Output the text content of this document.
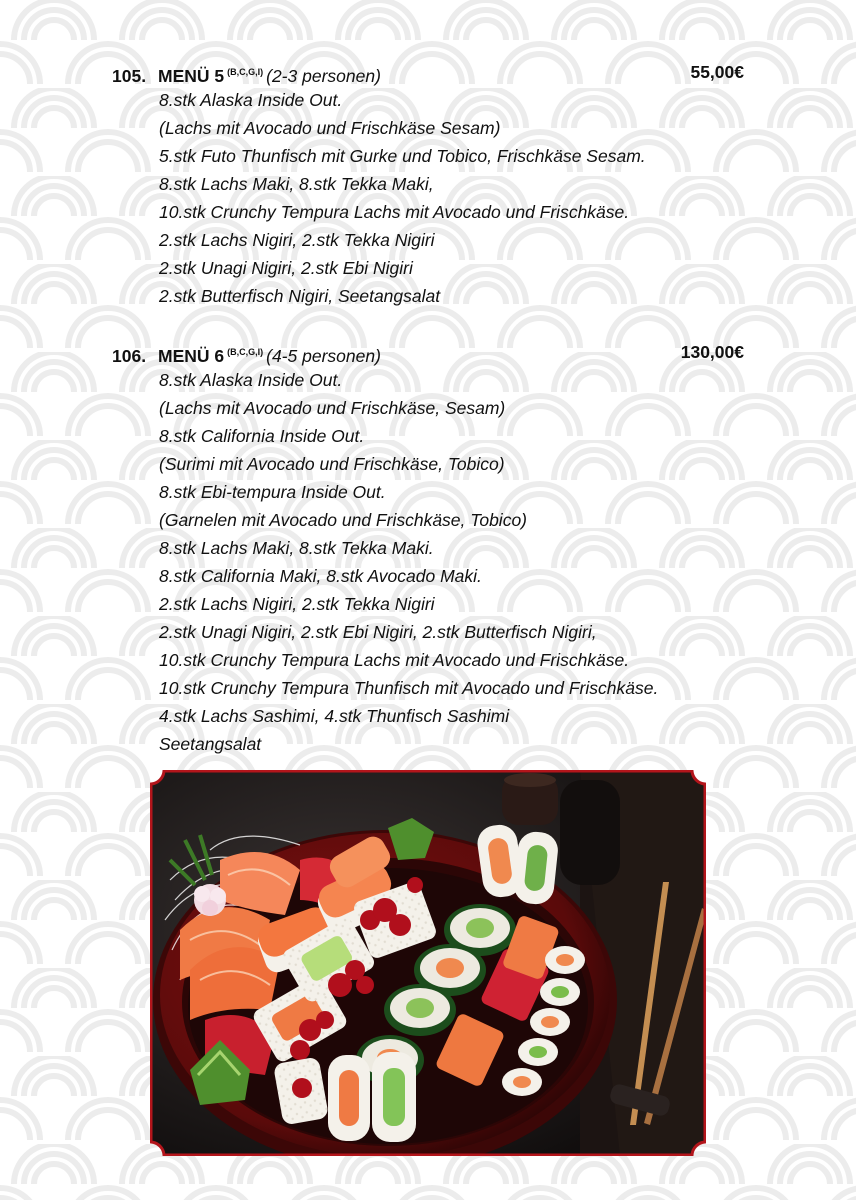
105. MENÜ 5 $^{(B,C,G,I)}$ (2-3 personen)	55,00€
8.stk Alaska Inside Out.
(Lachs mit Avocado und Frischkäse Sesam)
5.stk Futo Thunfisch mit Gurke und Tobico, Frischkäse Sesam.
8.stk Lachs Maki, 8.stk Tekka Maki,
10.stk Crunchy Tempura Lachs mit Avocado und Frischkäse.
2.stk Lachs Nigiri, 2.stk Tekka Nigiri
2.stk Unagi Nigiri, 2.stk Ebi Nigiri
2.stk Butterfisch Nigiri, Seetangsalat
106. MENÜ 6 $^{(B,C,G,I)}$ (4-5 personen)	130,00€
8.stk Alaska Inside Out.
(Lachs mit Avocado und Frischkäse, Sesam)
8.stk California Inside Out.
(Surimi mit Avocado und Frischkäse, Tobico)
8.stk Ebi-tempura Inside Out.
(Garnelen mit Avocado und Frischkäse, Tobico)
8.stk Lachs Maki, 8.stk Tekka Maki.
8.stk California Maki, 8.stk Avocado Maki.
2.stk Lachs Nigiri, 2.stk Tekka Nigiri
2.stk Unagi Nigiri, 2.stk Ebi Nigiri, 2.stk Butterfisch Nigiri,
10.stk Crunchy Tempura Lachs mit Avocado und Frischkäse.
10.stk Crunchy Tempura Thunfisch mit Avocado und Frischkäse.
4.stk Lachs Sashimi, 4.stk Thunfisch Sashimi
Seetangsalat
